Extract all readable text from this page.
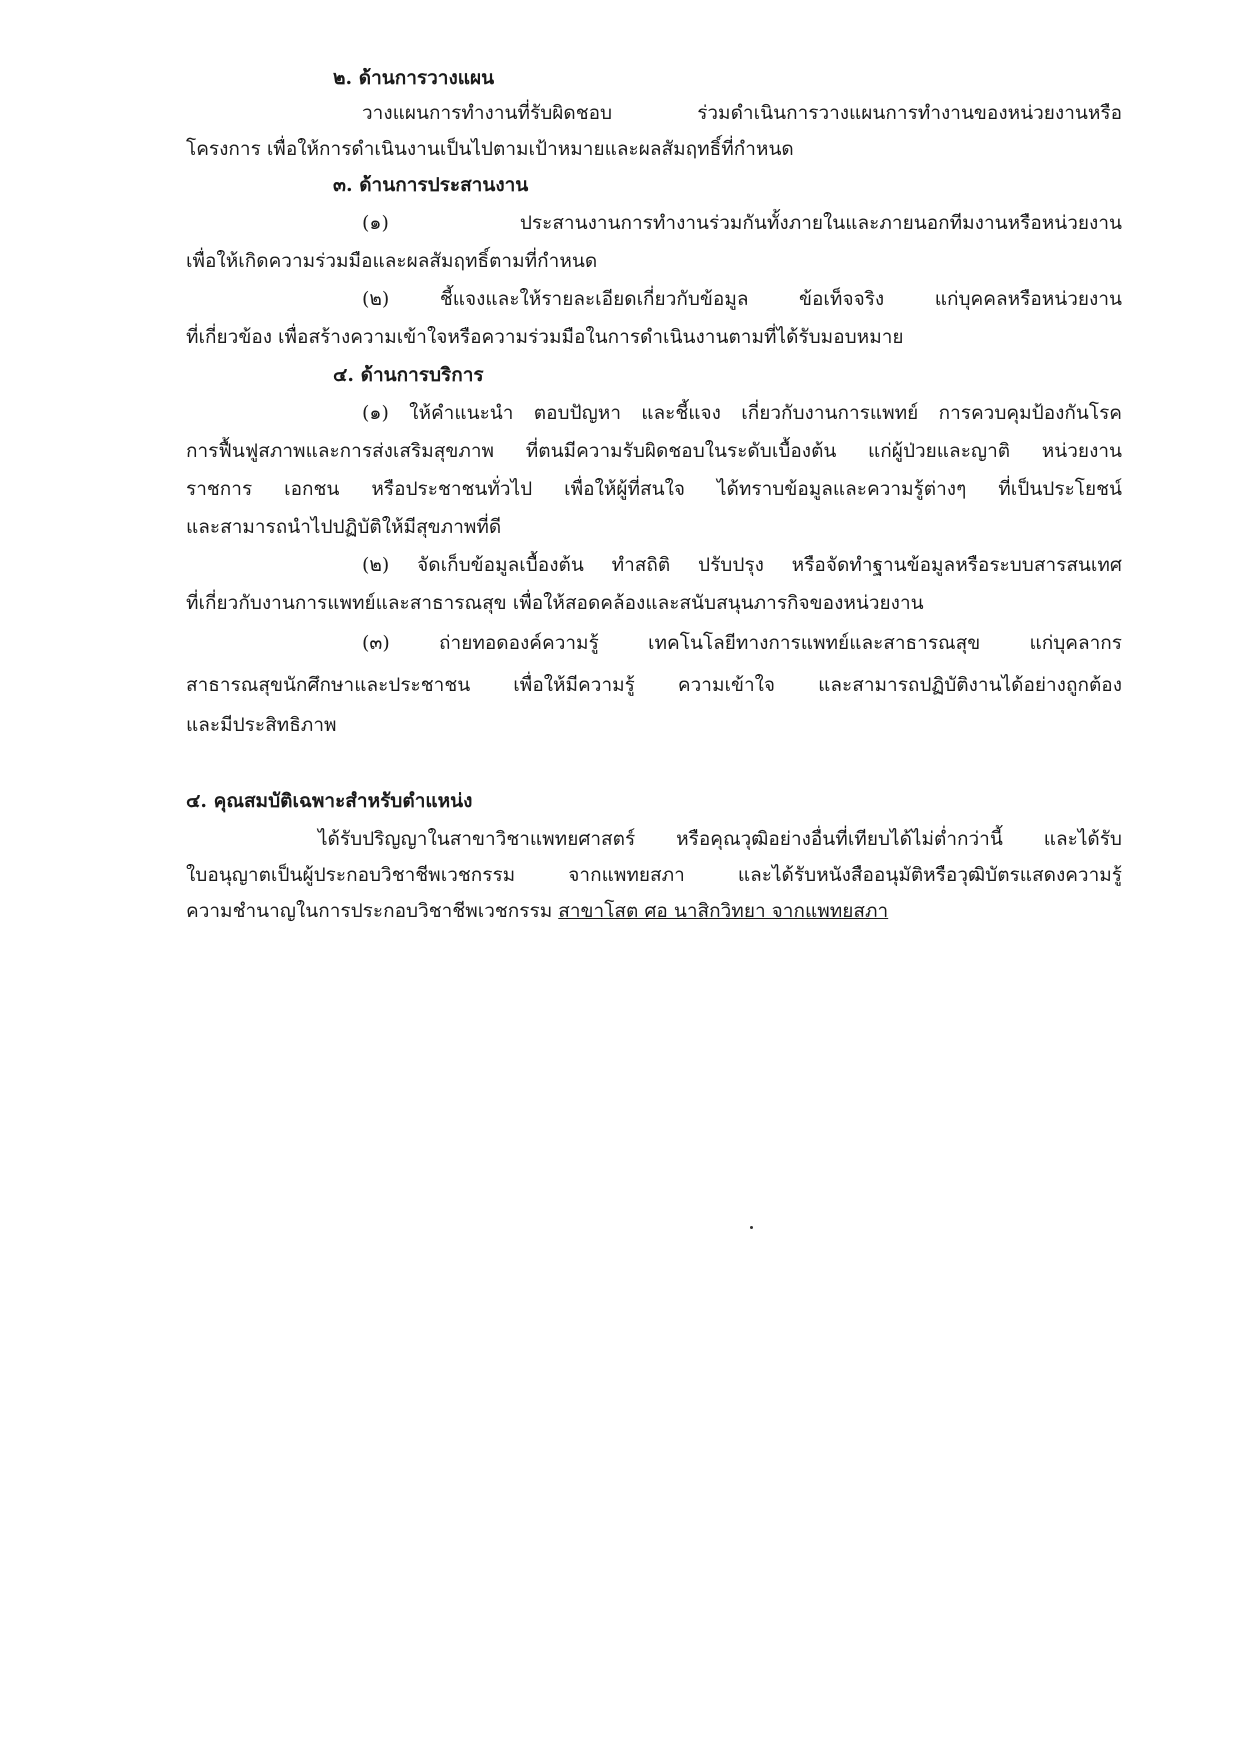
๒. ด้านการวางแผน

วางแผนการทำงานที่รับผิดชอบ ร่วมดำเนินการวางแผนการทำงานของหน่วยงานหรือ

โครงการ เพื่อให้การดำเนินงานเป็นไปตามเป้าหมายและผลสัมฤทธิ์ที่กำหนด

๓. ด้านการประสานงาน

(๑) ประสานงานการทำงานร่วมกันทั้งภายในและภายนอกทีมงานหรือหน่วยงาน

เพื่อให้เกิดความร่วมมือและผลสัมฤทธิ์ตามที่กำหนด

(๒) ชี้แจงและให้รายละเอียดเกี่ยวกับข้อมูล ข้อเท็จจริง แก่บุคคลหรือหน่วยงาน

ที่เกี่ยวข้อง เพื่อสร้างความเข้าใจหรือความร่วมมือในการดำเนินงานตามที่ได้รับมอบหมาย

๔. ด้านการบริการ

(๑) ให้คำแนะนำ ตอบปัญหา และชี้แจง เกี่ยวกับงานการแพทย์ การควบคุมป้องกันโรค

การฟื้นฟูสภาพและการส่งเสริมสุขภาพ ที่ตนมีความรับผิดชอบในระดับเบื้องต้น แก่ผู้ป่วยและญาติ หน่วยงาน

ราชการ เอกชน หรือประชาชนทั่วไป เพื่อให้ผู้ที่สนใจ ได้ทราบข้อมูลและความรู้ต่างๆ ที่เป็นประโยชน์

และสามารถนำไปปฏิบัติให้มีสุขภาพที่ดี

(๒) จัดเก็บข้อมูลเบื้องต้น ทำสถิติ ปรับปรุง หรือจัดทำฐานข้อมูลหรือระบบสารสนเทศ

ที่เกี่ยวกับงานการแพทย์และสาธารณสุข เพื่อให้สอดคล้องและสนับสนุนภารกิจของหน่วยงาน

(๓) ถ่ายทอดองค์ความรู้ เทคโนโลยีทางการแพทย์และสาธารณสุข แก่บุคลากร

สาธารณสุขนักศึกษาและประชาชน เพื่อให้มีความรู้ ความเข้าใจ และสามารถปฏิบัติงานได้อย่างถูกต้อง

และมีประสิทธิภาพ

๔. คุณสมบัติเฉพาะสำหรับตำแหน่ง

ได้รับปริญญาในสาขาวิชาแพทยศาสตร์ หรือคุณวุฒิอย่างอื่นที่เทียบได้ไม่ต่ำกว่านี้ และได้รับ

ใบอนุญาตเป็นผู้ประกอบวิชาชีพเวชกรรม จากแพทยสภา และได้รับหนังสืออนุมัติหรือวุฒิบัตรแสดงความรู้

ความชำนาญในการประกอบวิชาชีพเวชกรรม สาขาโสต ศอ นาสิกวิทยา จากแพทยสภา
